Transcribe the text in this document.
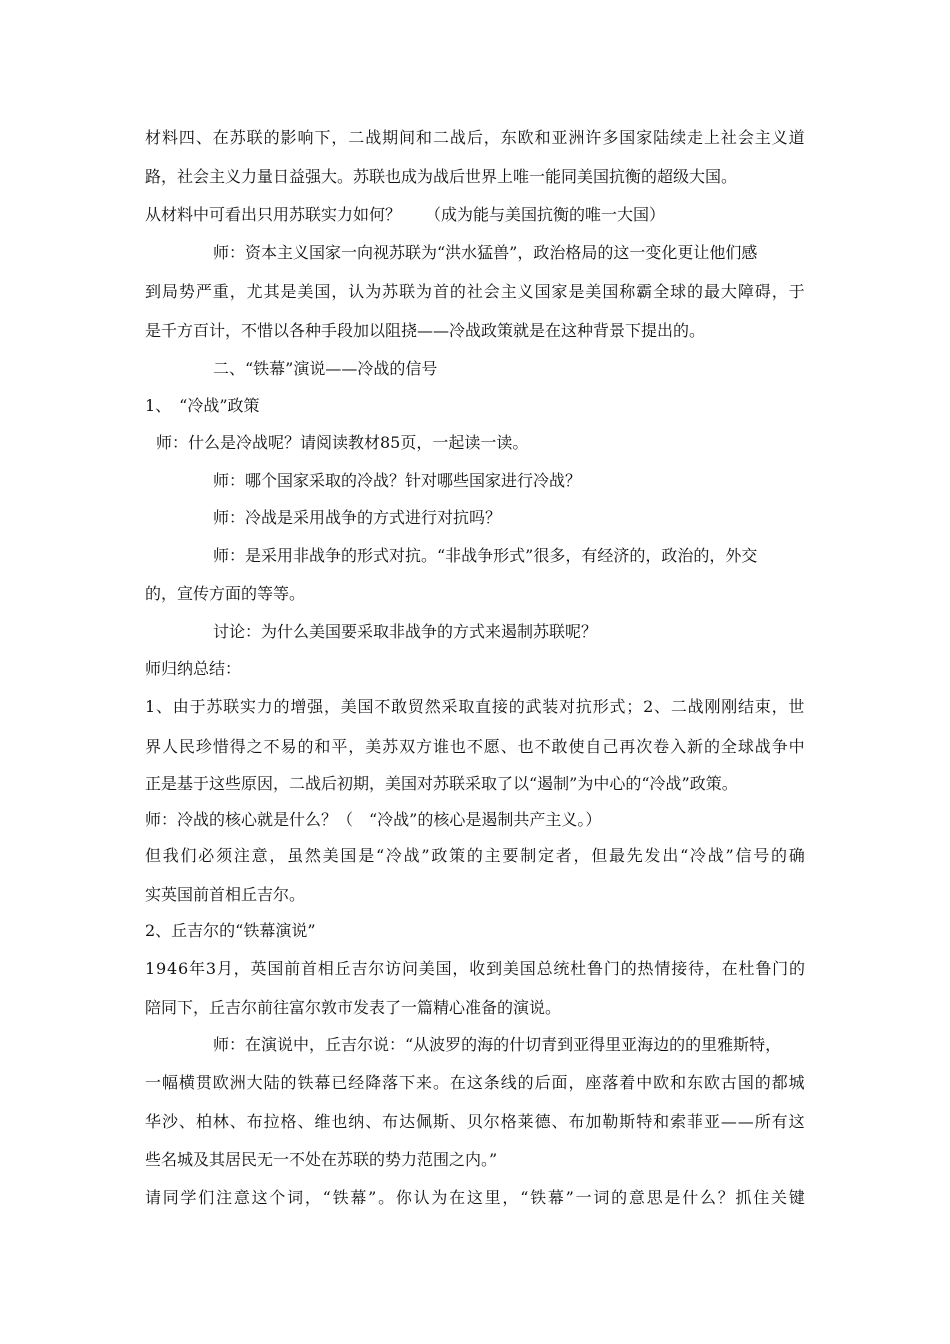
材 料 四 、 在 苏 联 的 影 响 下 ， 二 战 期 间 和 二 战 后 ， 东 欧 和 亚 洲 许 多 国 家 陆 续 走 上 社 会 主 义 道
路，社会主义力量日益强大。苏联也成为战后世界上唯一能同美国抗衡的超级大国。
从材料中可看出只用苏联实力如何？　　（成为能与美国抗衡的唯一大国）
师：资本主义国家一向视苏联为“洪水猛兽”，政治格局的这一变化更让他们感
到 局 势 严 重 ， 尤 其 是 美 国 ， 认 为 苏 联 为 首 的 社 会 主 义 国 家 是 美 国 称 霸 全 球 的 最 大 障 碍 ， 于
是千方百计，不惜以各种手段加以阻挠——冷战政策就是在这种背景下提出的。
二、“铁幕”演说——冷战的信号
1、　“冷战”政策
师：什么是冷战呢？请阅读教材85页，一起读一读。
师：哪个国家采取的冷战？针对哪些国家进行冷战？
师：冷战是采用战争的方式进行对抗吗？
师：是采用非战争的形式对抗。“非战争形式”很多，有经济的，政治的，外交
的，宣传方面的等等。
讨论：为什么美国要采取非战争的方式来遏制苏联呢？
师归纳总结：
1 、 由 于 苏 联 实 力 的 增 强 ， 美 国 不 敢 贸 然 采 取 直 接 的 武 装 对 抗 形 式 ； 2 、 二 战 刚 刚 结 束 ， 世
界 人 民 珍 惜 得 之 不 易 的 和 平 ， 美 苏 双 方 谁 也 不 愿 、 也 不 敢 使 自 己 再 次 卷 入 新 的 全 球 战 争 中
正是基于这些原因，二战后初期，美国对苏联采取了以“遏制”为中心的“冷战”政策。
师：冷战的核心就是什么？（　“冷战”的核心是遏制共产主义。）
但 我 们 必 须 注 意 ， 虽 然 美 国 是 “ 冷 战 ” 政 策 的 主 要 制 定 者 ， 但 最 先 发 出 “ 冷 战 ” 信 号 的 确
实英国前首相丘吉尔。
2、丘吉尔的“铁幕演说”
1 9 4 6 年 3 月 ， 英 国 前 首 相 丘 吉 尔 访 问 美 国 ， 收 到 美 国 总 统 杜 鲁 门 的 热 情 接 待 ， 在 杜 鲁 门 的
陪同下，丘吉尔前往富尔敦市发表了一篇精心准备的演说。
师：在演说中，丘吉尔说：“从波罗的海的什切青到亚得里亚海边的的里雅斯特，
一 幅 横 贯 欧 洲 大 陆 的 铁 幕 已 经 降 落 下 来 。 在 这 条 线 的 后 面 ， 座 落 着 中 欧 和 东 欧 古 国 的 都 城
华 沙 、 柏 林 、 布 拉 格 、 维 也 纳 、 布 达 佩 斯 、 贝 尔 格 莱 德 、 布 加 勒 斯 特 和 索 菲 亚 — — 所 有 这
些名城及其居民无一不处在苏联的势力范围之内。”
请 同 学 们 注 意 这 个 词 ， “ 铁 幕 ” 。 你 认 为 在 这 里 ， “ 铁 幕 ” 一 词 的 意 思 是 什 么 ？ 抓 住 关 键
